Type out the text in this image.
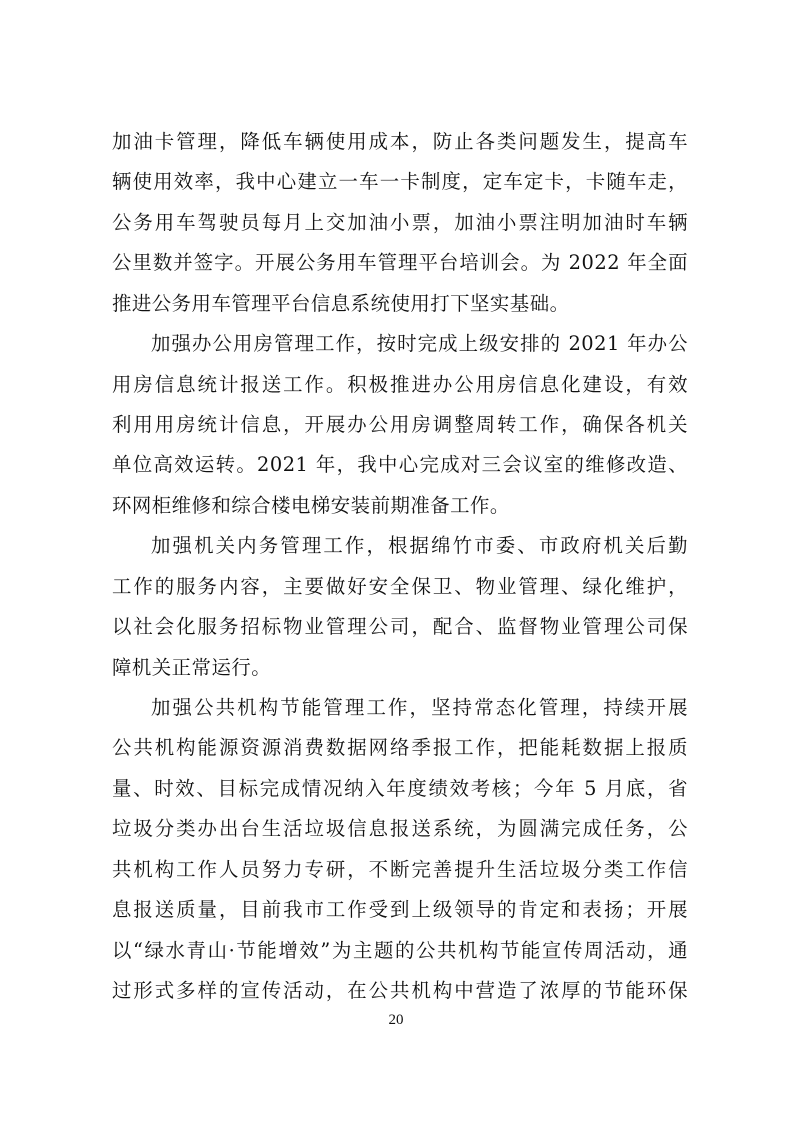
加油卡管理，降低车辆使用成本，防止各类问题发生，提高车
辆使用效率，我中心建立一车一卡制度，定车定卡，卡随车走，
公务用车驾驶员每月上交加油小票，加油小票注明加油时车辆
公里数并签字。开展公务用车管理平台培训会。为 2022 年全面
推进公务用车管理平台信息系统使用打下坚实基础。
加强办公用房管理工作，按时完成上级安排的 2021 年办公
用房信息统计报送工作。积极推进办公用房信息化建设，有效
利用用房统计信息，开展办公用房调整周转工作，确保各机关
单位高效运转。2021 年，我中心完成对三会议室的维修改造、
环网柜维修和综合楼电梯安装前期准备工作。
加强机关内务管理工作，根据绵竹市委、市政府机关后勤
工作的服务内容，主要做好安全保卫、物业管理、绿化维护，
以社会化服务招标物业管理公司，配合、监督物业管理公司保
障机关正常运行。
加强公共机构节能管理工作，坚持常态化管理，持续开展
公共机构能源资源消费数据网络季报工作，把能耗数据上报质
量、时效、目标完成情况纳入年度绩效考核；今年 5 月底，省
垃圾分类办出台生活垃圾信息报送系统，为圆满完成任务，公
共机构工作人员努力专研，不断完善提升生活垃圾分类工作信
息报送质量，目前我市工作受到上级领导的肯定和表扬；开展
以“绿水青山·节能增效”为主题的公共机构节能宣传周活动，通
过形式多样的宣传活动，在公共机构中营造了浓厚的节能环保
20
